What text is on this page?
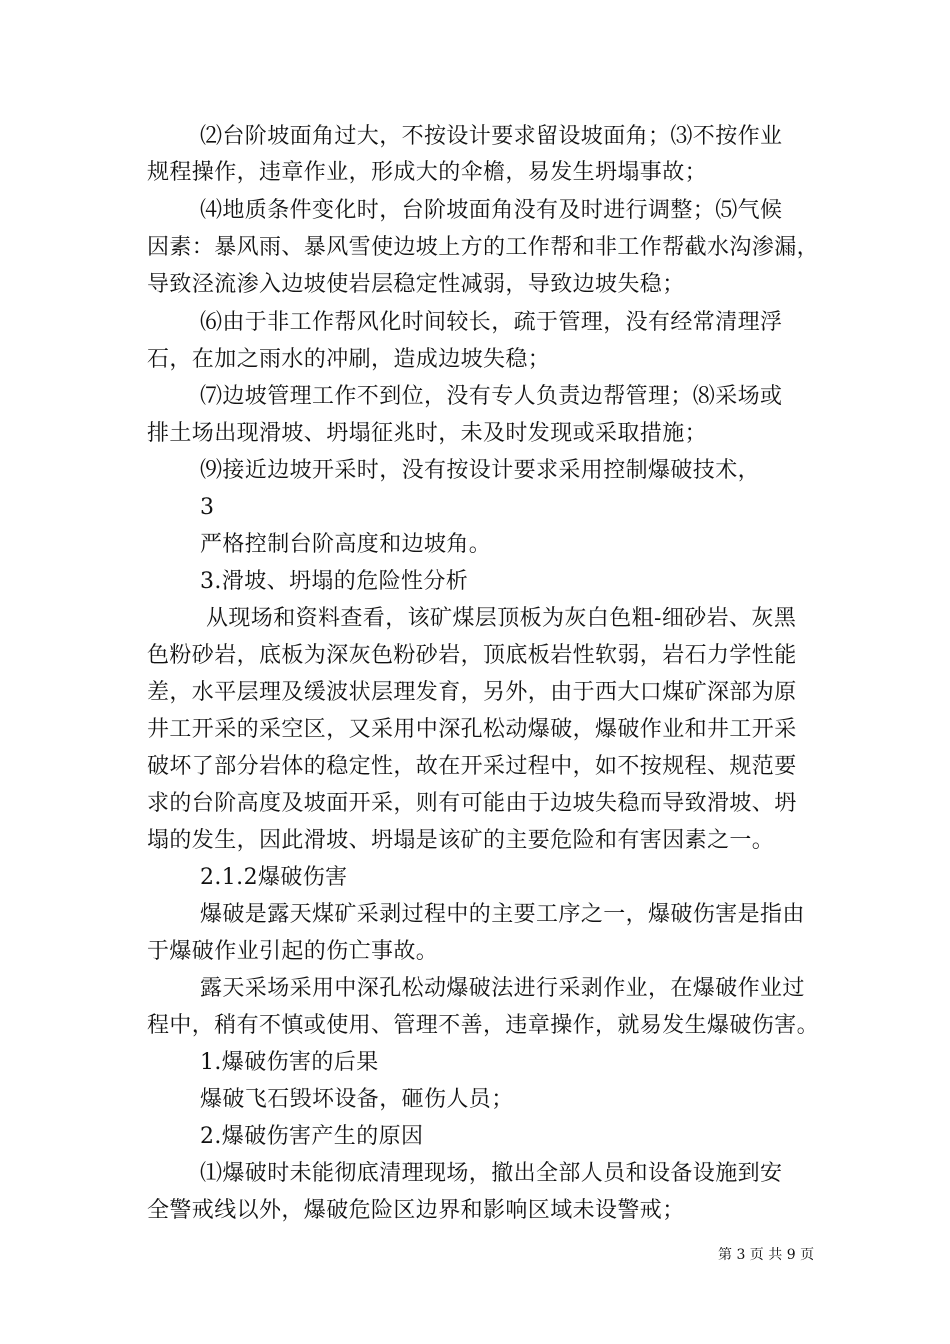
⑵台阶坡面角过大，不按设计要求留设坡面角；⑶不按作业
规程操作，违章作业，形成大的伞檐，易发生坍塌事故；
⑷地质条件变化时，台阶坡面角没有及时进行调整；⑸气候
因素：暴风雨、暴风雪使边坡上方的工作帮和非工作帮截水沟渗漏，
导致泾流渗入边坡使岩层稳定性减弱，导致边坡失稳；
⑹由于非工作帮风化时间较长，疏于管理，没有经常清理浮
石，在加之雨水的冲刷，造成边坡失稳；
⑺边坡管理工作不到位，没有专人负责边帮管理；⑻采场或
排土场出现滑坡、坍塌征兆时，未及时发现或采取措施；
⑼接近边坡开采时，没有按设计要求采用控制爆破技术，
3
严格控制台阶高度和边坡角。
3.滑坡、坍塌的危险性分析
从现场和资料查看，该矿煤层顶板为灰白色粗-细砂岩、灰黑
色粉砂岩，底板为深灰色粉砂岩，顶底板岩性软弱，岩石力学性能
差，水平层理及缓波状层理发育，另外，由于西大口煤矿深部为原
井工开采的采空区，又采用中深孔松动爆破，爆破作业和井工开采
破坏了部分岩体的稳定性，故在开采过程中，如不按规程、规范要
求的台阶高度及坡面开采，则有可能由于边坡失稳而导致滑坡、坍
塌的发生，因此滑坡、坍塌是该矿的主要危险和有害因素之一。
2.1.2爆破伤害
爆破是露天煤矿采剥过程中的主要工序之一，爆破伤害是指由
于爆破作业引起的伤亡事故。
露天采场采用中深孔松动爆破法进行采剥作业，在爆破作业过
程中，稍有不慎或使用、管理不善，违章操作，就易发生爆破伤害。
1.爆破伤害的后果
爆破飞石毁坏设备，砸伤人员；
2.爆破伤害产生的原因
⑴爆破时未能彻底清理现场，撤出全部人员和设备设施到安
全警戒线以外，爆破危险区边界和影响区域未设警戒；
第 3 页 共 9 页
